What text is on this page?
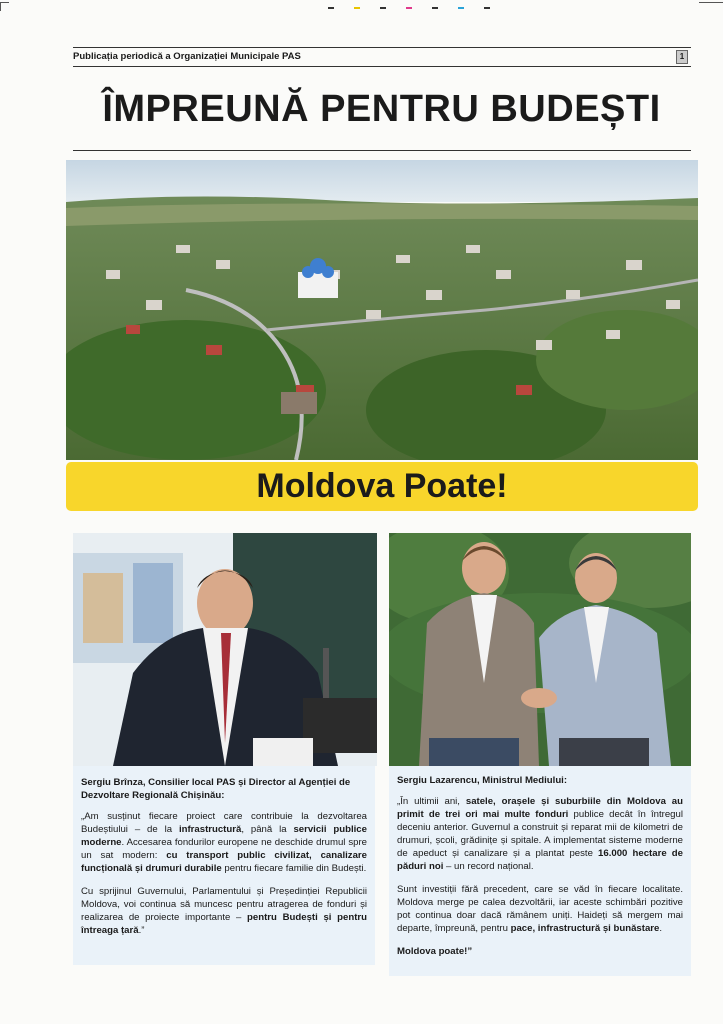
Publicația periodică a Organizației Municipale PAS	1
ÎMPREUNĂ PENTRU BUDEȘTI
Moldova Poate!
Sergiu Brînza, Consilier local PAS și Director al Agenției de Dezvoltare Regională Chișinău:

„Am susținut fiecare proiect care contribuie la dezvoltarea Budeștiului – de la infrastructură, până la servicii publice moderne. Accesarea fondurilor europene ne deschide drumul spre un sat modern: cu transport public civilizat, canalizare funcțională și drumuri durabile pentru fiecare familie din Budești.

Cu sprijinul Guvernului, Parlamentului și Președinției Republicii Moldova, voi continua să muncesc pentru atragerea de fonduri și realizarea de proiecte importante – pentru Budești și pentru întreaga țară.”

Sergiu Lazarencu, Ministrul Mediului:

„În ultimii ani, satele, orașele și suburbiile din Moldova au primit de trei ori mai multe fonduri publice decât în întregul deceniu anterior. Guvernul a construit și reparat mii de kilometri de drumuri, școli, grădinițe și spitale. A implementat sisteme moderne de apeduct și canalizare și a plantat peste 16.000 hectare de păduri noi – un record național.

Sunt investiții fără precedent, care se văd în fiecare localitate. Moldova merge pe calea dezvoltării, iar aceste schimbări pozitive pot continua doar dacă rămânem uniți. Haideți să mergem mai departe, împreună, pentru pace, infrastructură și bunăstare.

Moldova poate!”
